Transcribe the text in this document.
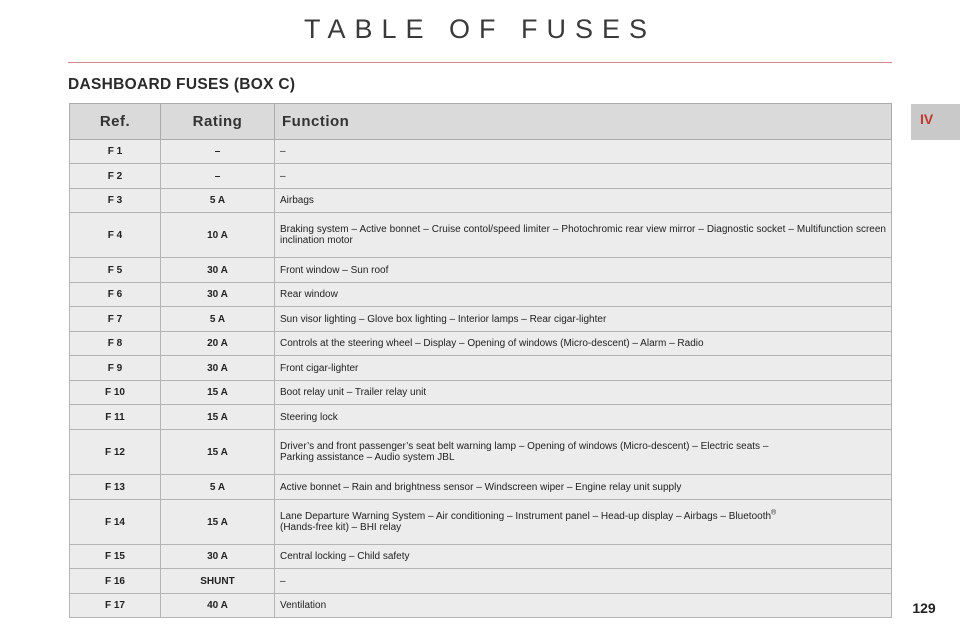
TABLE OF FUSES
DASHBOARD FUSES (BOX C)
IV
Ref.	Rating	Function
F 1	–	–
F 2	–	–
F 3	5 A	Airbags
F 4	10 A	Braking system – Active bonnet – Cruise contol/speed limiter – Photochromic rear view mirror – Diagnostic socket – Multifunction screen inclination motor
F 5	30 A	Front window – Sun roof
F 6	30 A	Rear window
F 7	5 A	Sun visor lighting – Glove box lighting – Interior lamps – Rear cigar-lighter
F 8	20 A	Controls at the steering wheel – Display – Opening of windows (Micro-descent) – Alarm – Radio
F 9	30 A	Front cigar-lighter
F 10	15 A	Boot relay unit – Trailer relay unit
F 11	15 A	Steering lock
F 12	15 A	Driver’s and front passenger’s seat belt warning lamp – Opening of windows (Micro-descent) – Electric seats –
Parking assistance – Audio system JBL
F 13	5 A	Active bonnet – Rain and brightness sensor – Windscreen wiper – Engine relay unit supply
F 14	15 A	Lane Departure Warning System – Air conditioning – Instrument panel – Head-up display – Airbags – Bluetooth®
(Hands-free kit) – BHI relay
F 15	30 A	Central locking – Child safety
F 16	SHUNT	–
F 17	40 A	Ventilation	129
